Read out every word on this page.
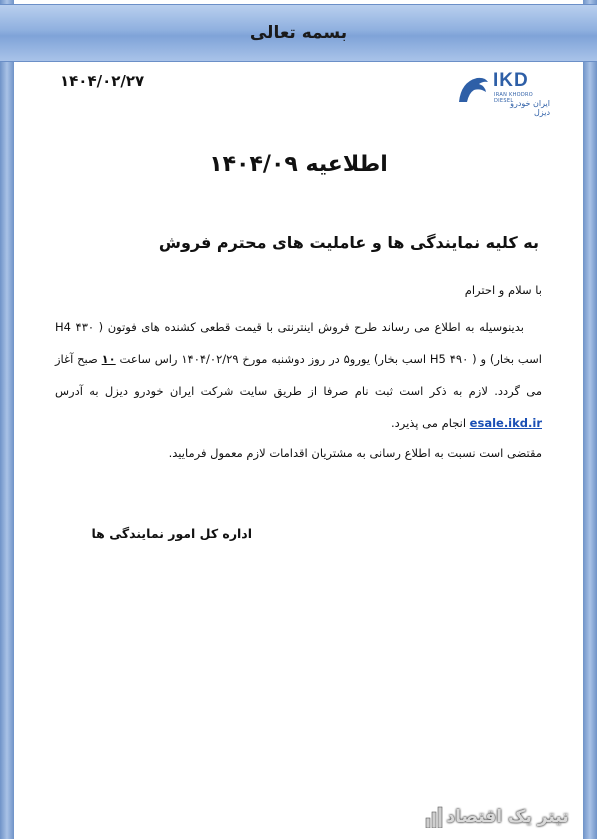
بسمه تعالی
۱۴۰۴/۰۲/۲۷	IKD
IRAN KHODRO DIESEL
ایران خودرو دیزل
اطلاعیه ۱۴۰۴/۰۹
به کلیه نمایندگی ها و عاملیت های محترم فروش

با سلام و احترام

بدینوسیله به اطلاع می رساند طرح فروش اینترنتی با قیمت قطعی کشنده های فوتون ( H4 ۴۳۰ اسب بخار) و ( H5 ۴۹۰ اسب بخار) یورو۵ در روز دوشنبه مورخ ۱۴۰۴/۰۲/۲۹ راس ساعت ۱۰ صبح آغاز می گردد. لازم به ذکر است ثبت نام صرفا از طریق سایت شرکت ایران خودرو دیزل به آدرس esale.ikd.ir انجام می پذیرد.

مقتضی است نسبت به اطلاع رسانی به مشتریان اقدامات لازم معمول فرمایید.

اداره کل امور نمایندگی ها
تیتر یک اقتصاد
